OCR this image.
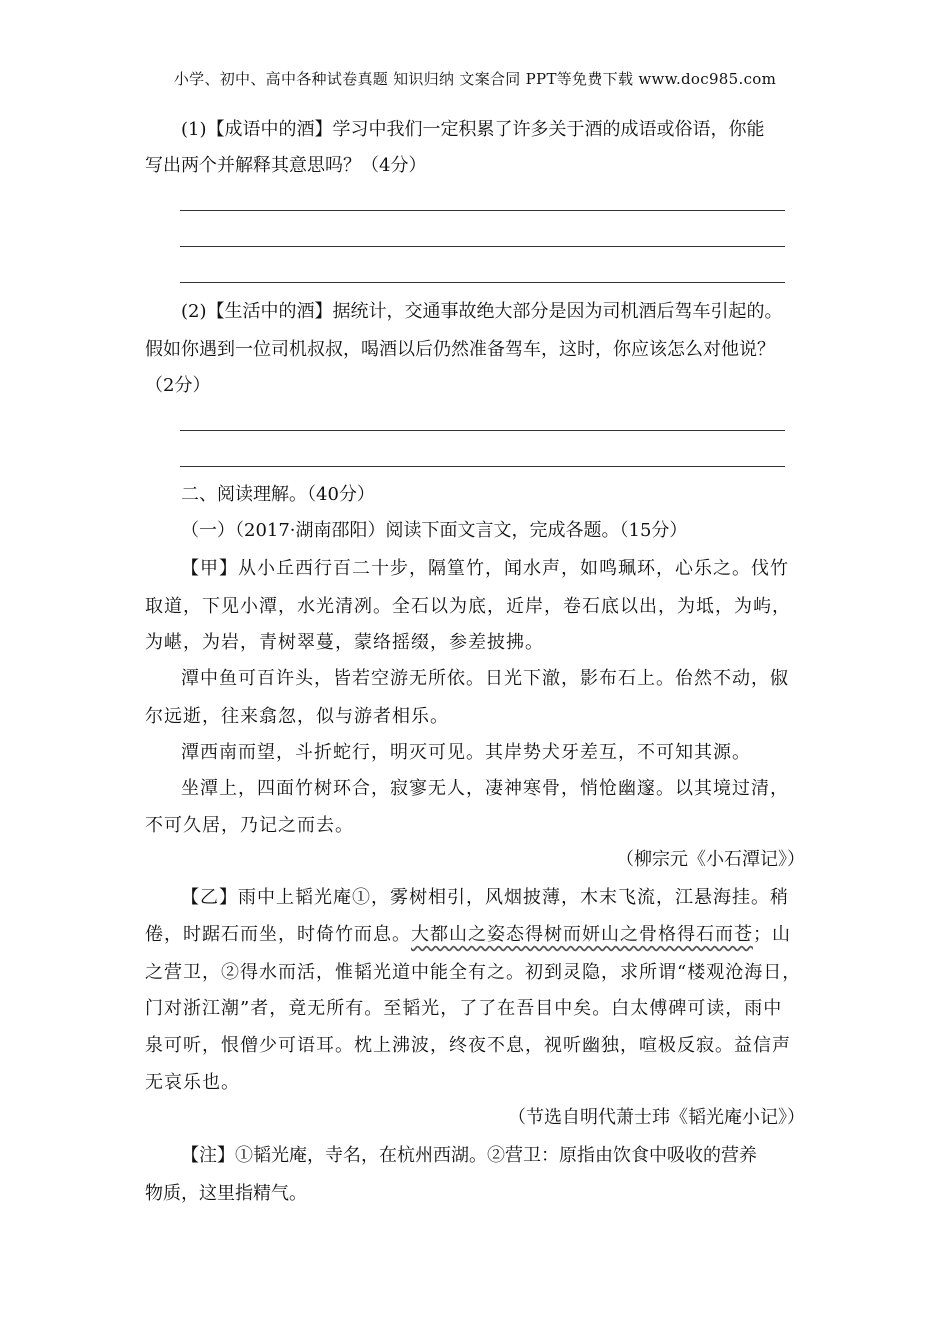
小学、初中、高中各种试卷真题 知识归纳 文案合同 PPT等免费下载 www.doc985.com

(1)【成语中的酒】学习中我们一定积累了许多关于酒的成语或俗语，你能

写出两个并解释其意思吗？（4分）

(2)【生活中的酒】据统计，交通事故绝大部分是因为司机酒后驾车引起的。

假如你遇到一位司机叔叔，喝酒以后仍然准备驾车，这时，你应该怎么对他说？

（2分）

二、阅读理解。（40分）

（一）（2017·湖南邵阳）阅读下面文言文，完成各题。（15分）

【甲】从小丘西行百二十步，隔篁竹，闻水声，如鸣珮环，心乐之。伐竹

取道，下见小潭，水光清冽。全石以为底，近岸，卷石底以出，为坻，为屿，

为嵁，为岩，青树翠蔓，蒙络摇缀，参差披拂。

潭中鱼可百许头，皆若空游无所依。日光下澈，影布石上。佁然不动，俶

尔远逝，往来翕忽，似与游者相乐。

潭西南而望，斗折蛇行，明灭可见。其岸势犬牙差互，不可知其源。

坐潭上，四面竹树环合，寂寥无人，凄神寒骨，悄怆幽邃。以其境过清，

不可久居，乃记之而去。

（柳宗元《小石潭记》）

【乙】雨中上韬光庵①，雾树相引，风烟披薄，木末飞流，江悬海挂。稍

倦，时踞石而坐，时倚竹而息。大都山之姿态得树而妍山之骨格得石而苍；山

之营卫，②得水而活，惟韬光道中能全有之。初到灵隐，求所谓“楼观沧海日，

门对浙江潮”者，竟无所有。至韬光，了了在吾目中矣。白太傅碑可读，雨中

泉可听，恨僧少可语耳。枕上沸波，终夜不息，视听幽独，喧极反寂。益信声

无哀乐也。

（节选自明代萧士玮《韬光庵小记》）

【注】①韬光庵，寺名，在杭州西湖。②营卫：原指由饮食中吸收的营养

物质，这里指精气。
